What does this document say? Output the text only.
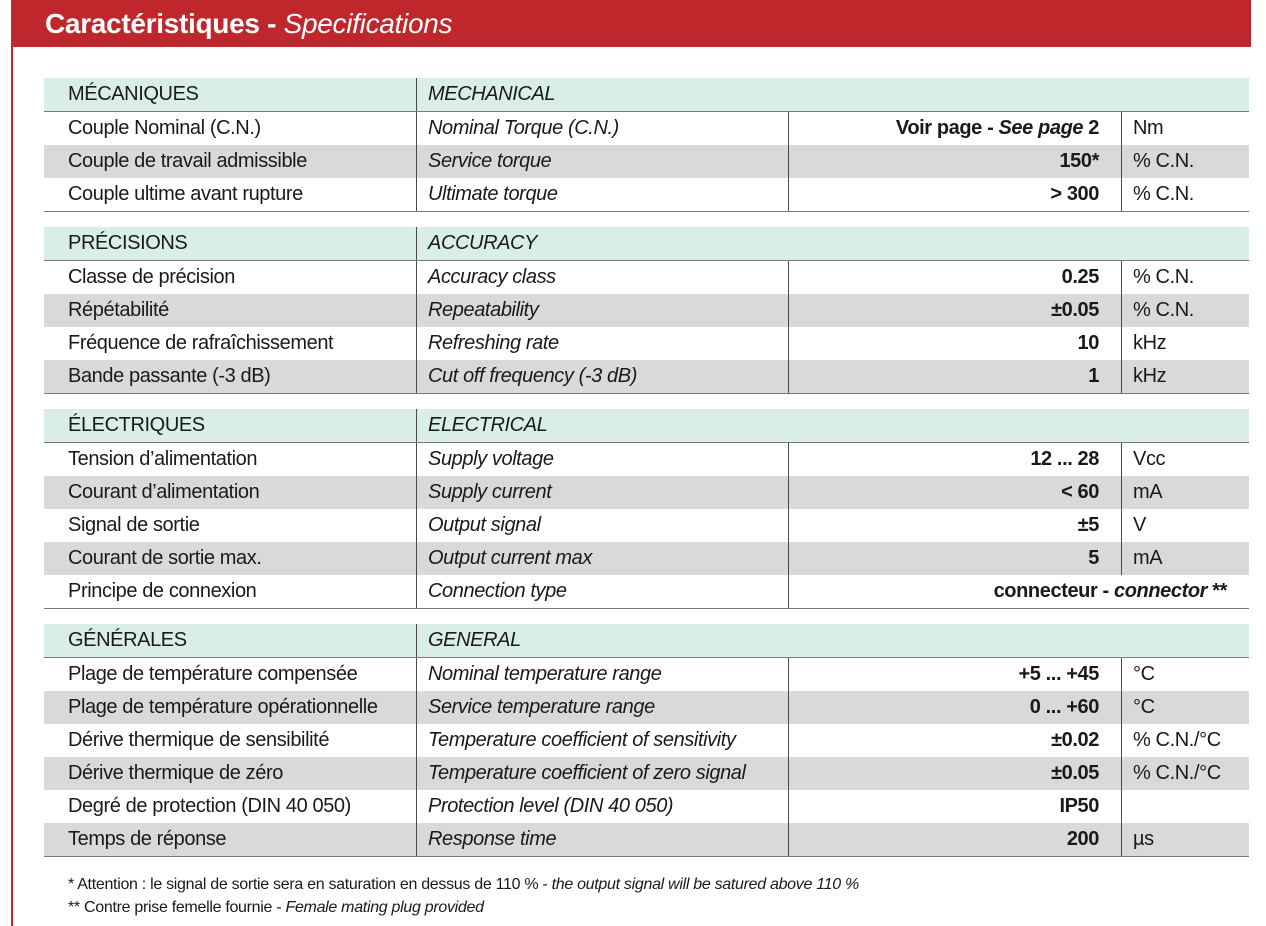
Caractéristiques - Specifications
MÉCANIQUES	MECHANICAL
Couple Nominal (C.N.)	Nominal Torque (C.N.)	Voir page - See page 2	Nm
Couple de travail admissible	Service torque	150*	% C.N.
Couple ultime avant rupture	Ultimate torque	> 300	% C.N.
PRÉCISIONS	ACCURACY
Classe de précision	Accuracy class	0.25	% C.N.
Répétabilité	Repeatability	±0.05	% C.N.
Fréquence de rafraîchissement	Refreshing rate	10	kHz
Bande passante (-3 dB)	Cut off frequency (-3 dB)	1	kHz
ÉLECTRIQUES	ELECTRICAL
Tension d’alimentation	Supply voltage	12 ... 28	Vcc
Courant d’alimentation	Supply current	< 60	mA
Signal de sortie	Output signal	±5	V
Courant de sortie max.	Output current max	5	mA
Principe de connexion	Connection type	connecteur - connector **
GÉNÉRALES	GENERAL
Plage de température compensée	Nominal temperature range	+5 ... +45	°C
Plage de température opérationnelle	Service temperature range	0 ... +60	°C
Dérive thermique de sensibilité	Temperature coefficient of sensitivity	±0.02	% C.N./°C
Dérive thermique de zéro	Temperature coefficient of zero signal	±0.05	% C.N./°C
Degré de protection (DIN 40 050)	Protection level (DIN 40 050)	IP50
Temps de réponse	Response time	200	µs
* Attention : le signal de sortie sera en saturation en dessus de 110 % - the output signal will be satured above 110 %
** Contre prise femelle fournie - Female mating plug provided
